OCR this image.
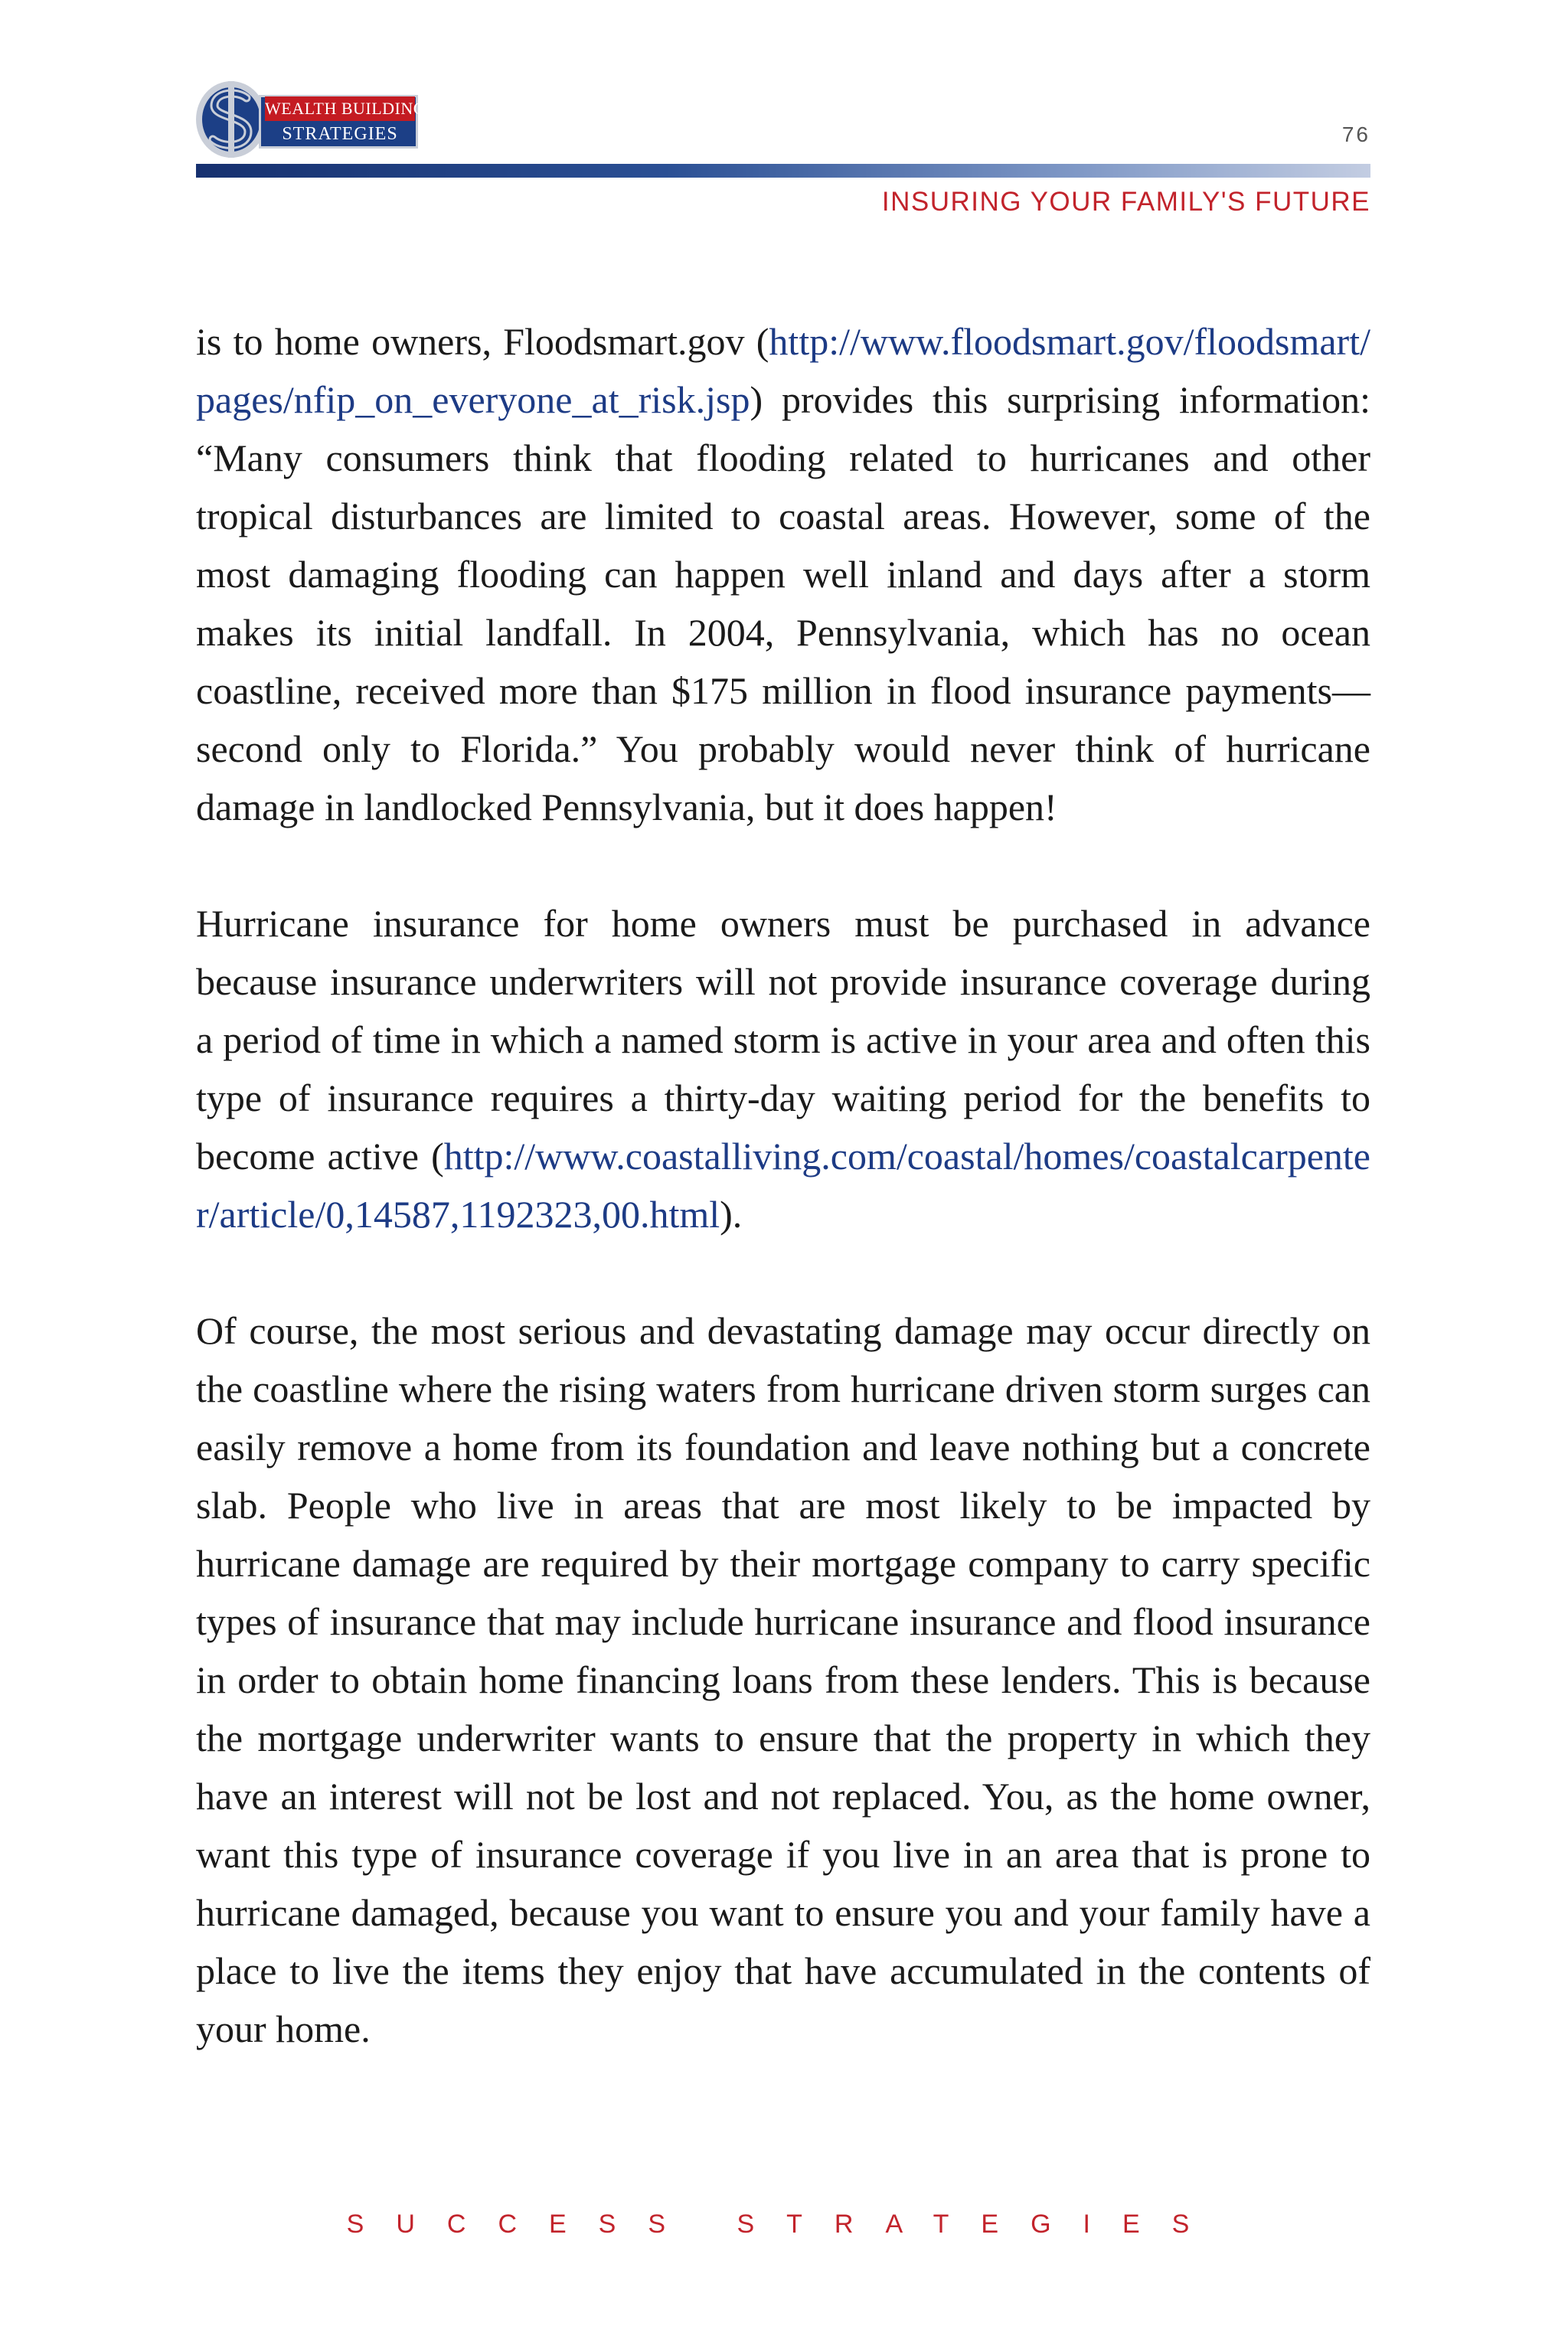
WEALTH BUILDING
STRATEGIES	76
INSURING YOUR FAMILY'S FUTURE

is to home owners, Floodsmart.gov (http://www.floodsmart.gov/floodsmart/pages/nfip_on_everyone_at_risk.jsp) provides this surprising information: “Many consumers think that flooding related to hurricanes and other tropical disturbances are limited to coastal areas. However, some of the most damaging flooding can happen well inland and days after a storm makes its initial landfall. In 2004, Pennsylvania, which has no ocean coastline, received more than $175 million in flood insurance payments—second only to Florida.” You probably would never think of hurricane damage in landlocked Pennsylvania, but it does happen!

Hurricane insurance for home owners must be purchased in advance because insurance underwriters will not provide insurance coverage during a period of time in which a named storm is active in your area and often this type of insurance requires a thirty-day waiting period for the benefits to become active (http://www.coastalliving.com/coastal/homes/coastalcarpenter/article/0,14587,1192323,00.html).

Of course, the most serious and devastating damage may occur directly on the coastline where the rising waters from hurricane driven storm surges can easily remove a home from its foundation and leave nothing but a concrete slab. People who live in areas that are most likely to be impacted by hurricane damage are required by their mortgage company to carry specific types of insurance that may include hurricane insurance and flood insurance in order to obtain home financing loans from these lenders. This is because the mortgage underwriter wants to ensure that the property in which they have an interest will not be lost and not replaced. You, as the home owner, want this type of insurance coverage if you live in an area that is prone to hurricane damaged, because you want to ensure you and your family have a place to live the items they enjoy that have accumulated in the contents of your home.

SUCCESS STRATEGIES
